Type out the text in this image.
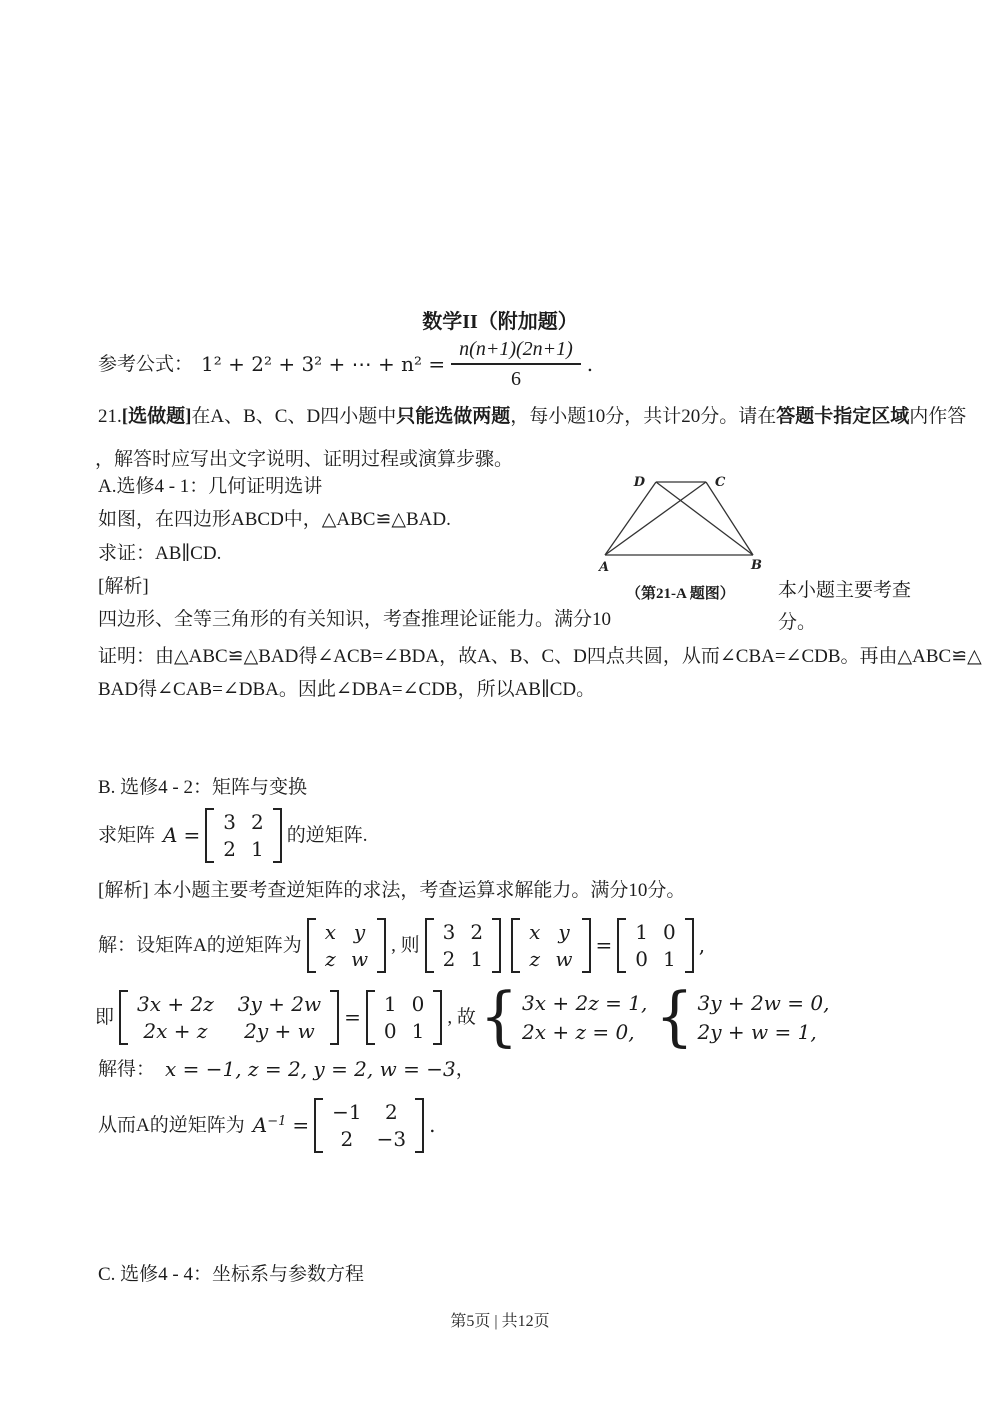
数学II（附加题）
参考公式： 1² + 2² + 3² + ⋯ + $n^2 = \frac{n(n+1)(2n+1)}{6}$ .
21.[选做题]在A、B、C、D四小题中只能选做两题，每小题10分，共计20分。请在答题卡指定区域内作答
，解答时应写出文字说明、证明过程或演算步骤。
A.选修4 - 1：几何证明选讲
如图，在四边形ABCD中，△ABC≌△BAD.
求证：AB∥CD.
[解析]
四边形、全等三角形的有关知识，考查推理论证能力。满分10
D	C
A	B
（第21-A 题图） 本小题主要考查
分。
证明：由△ABC≌△BAD得∠ACB=∠BDA，故A、B、C、D四点共圆，从而∠CBA=∠CDB。再由△ABC≌△
BAD得∠CAB=∠DBA。因此∠DBA=∠CDB，所以AB∥CD。
B. 选修4 - 2：矩阵与变换
求矩阵 A =
3 2
2 1
的逆矩阵.
[解析] 本小题主要考查逆矩阵的求法，考查运算求解能力。满分10分。
解：设矩阵A的逆矩阵为
x y
z w
, 则
3 2
2 1
x y
z w
=
1 0
0 1
,
即
3x + 2z 3y + 2w
2x + z 2y + w
=
1 0
0 1
, 故 { 3x + 2z = 1,
2x + z = 0, { 3y + 2w = 0,
2y + w = 1,
解得： x = −1, z = 2, y = 2, w = −3 ，
从而A的逆矩阵为 $A^{-1}$ =
−1 2
2 −3
.
C. 选修4 - 4：坐标系与参数方程
第5页 | 共12页
